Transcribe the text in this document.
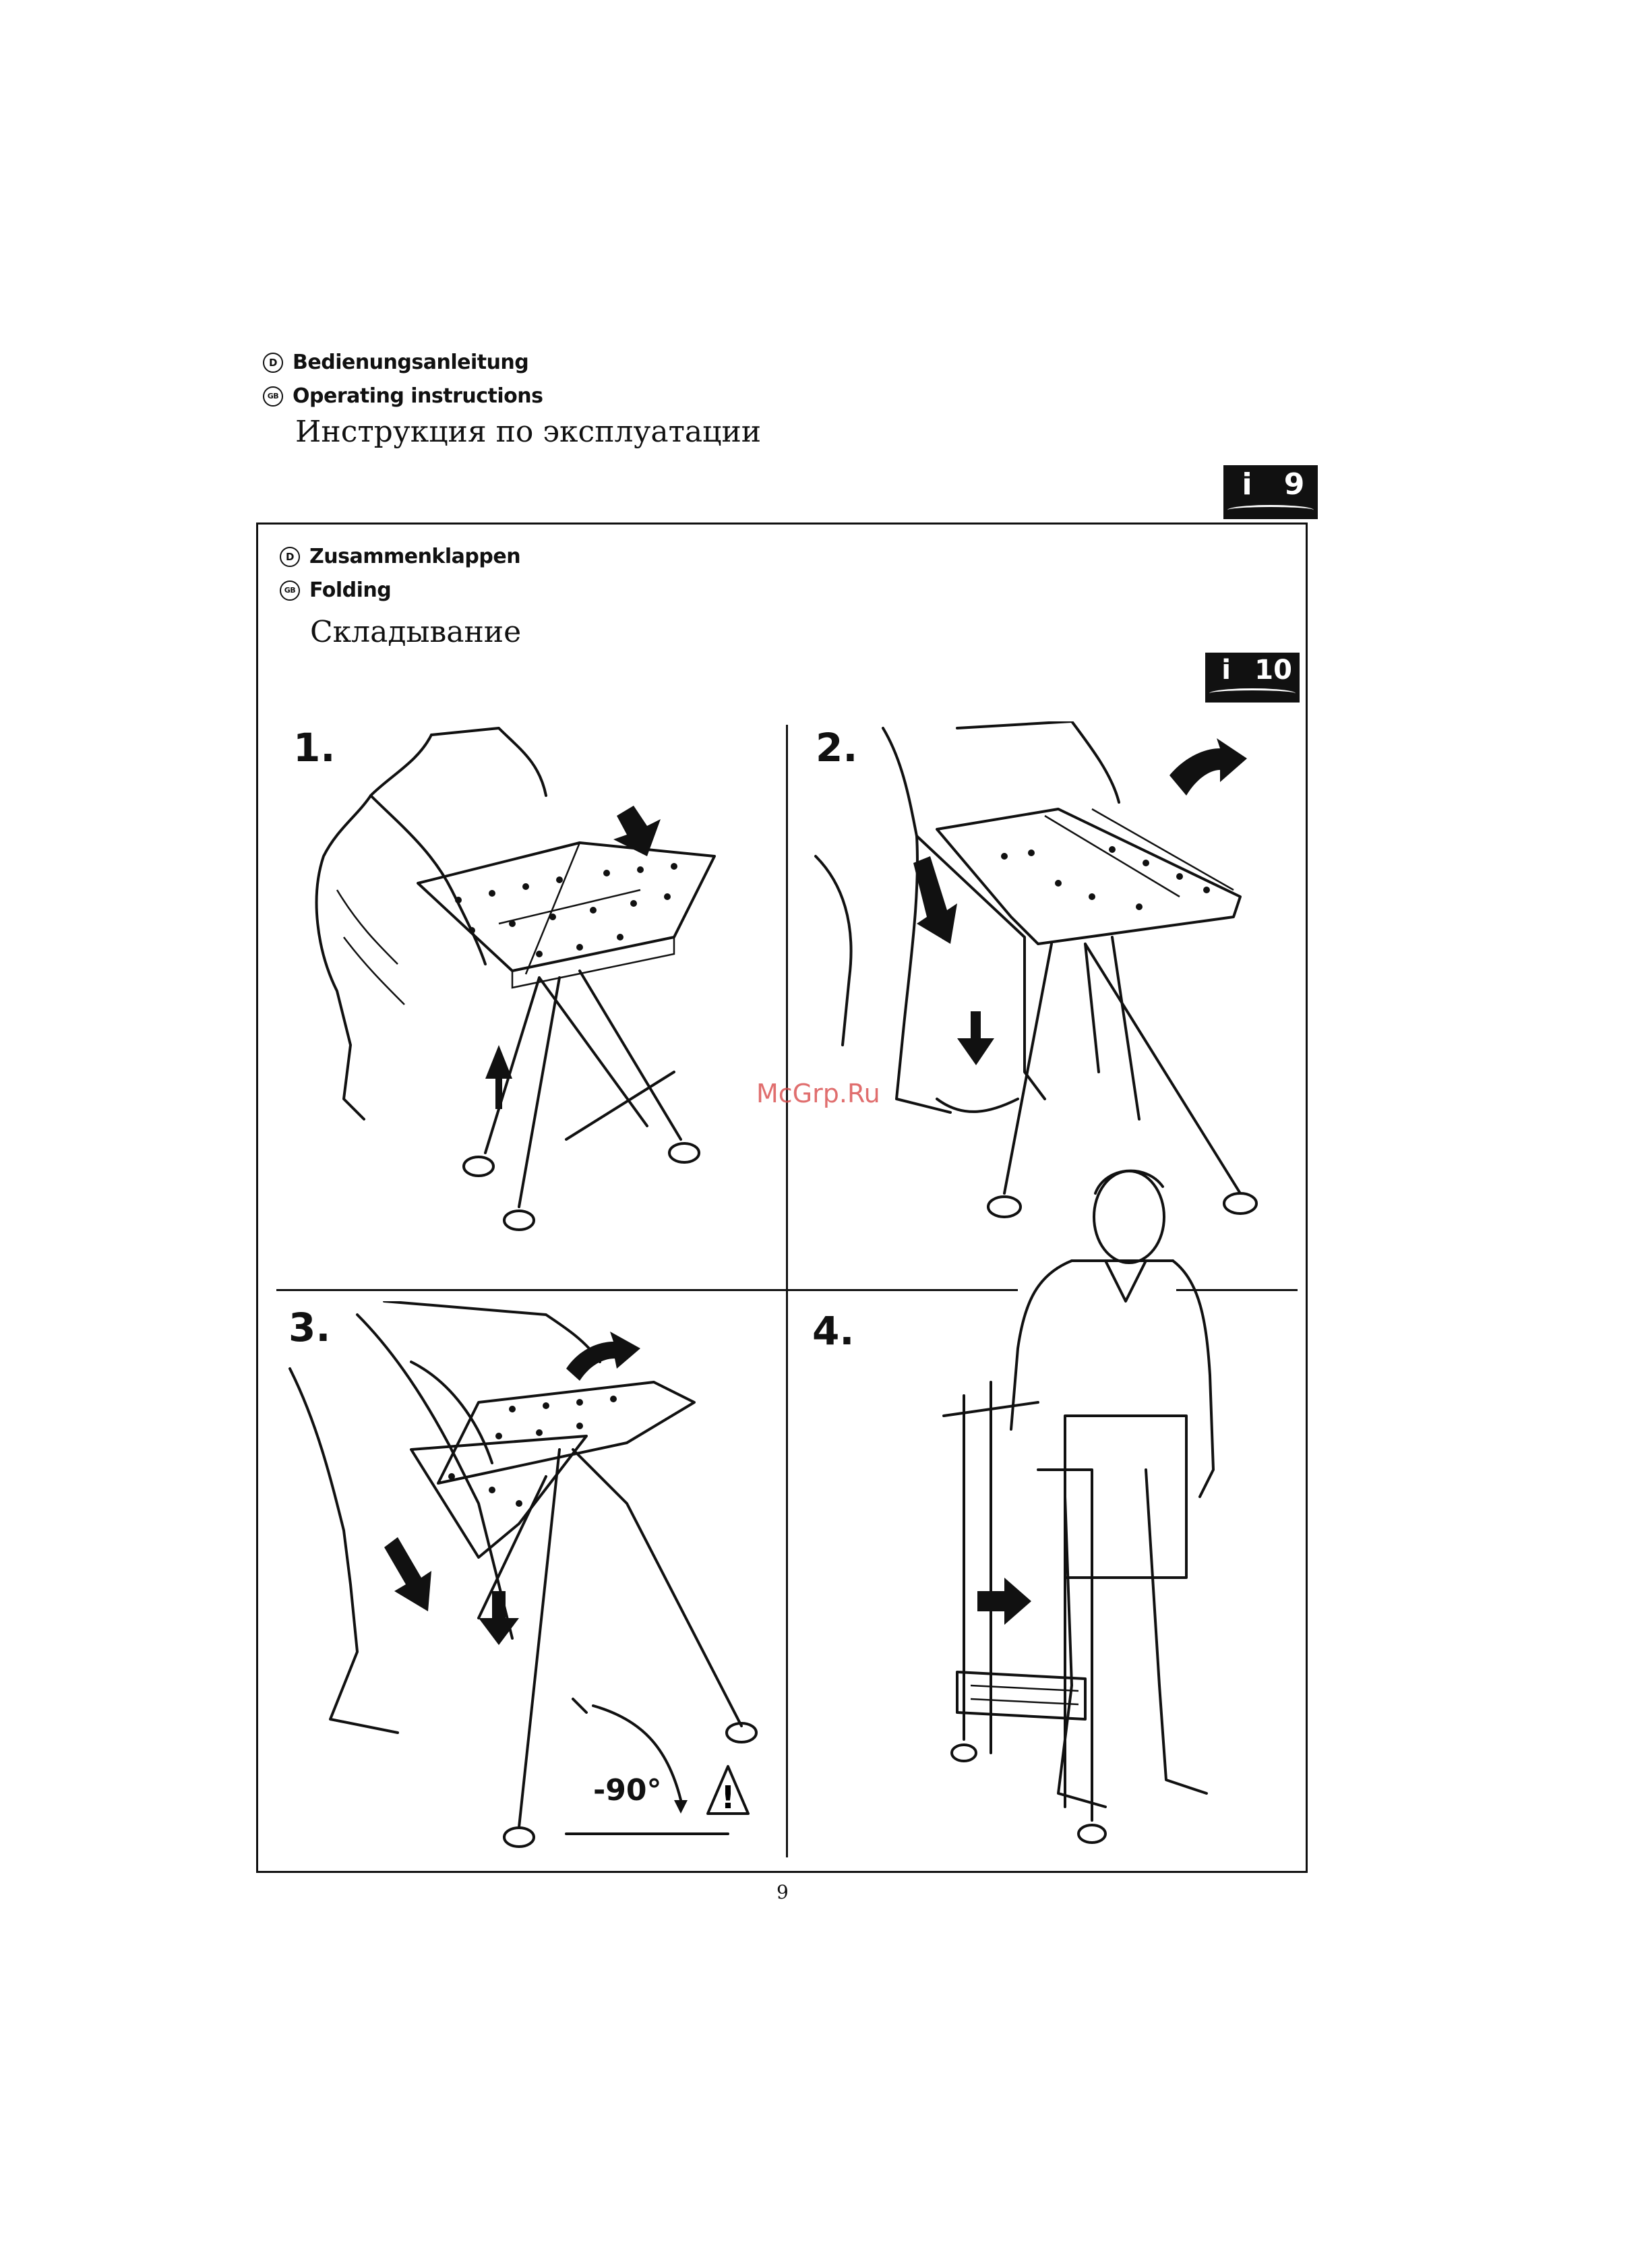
D Bedienungsanleitung
GB Operating instructions
Инструкция по эксплуатации
i	9
D Zusammenklappen
GB Folding
Складывание
i 10
1.	2.
3.	4.
!
-90°
McGrp.Ru
9
